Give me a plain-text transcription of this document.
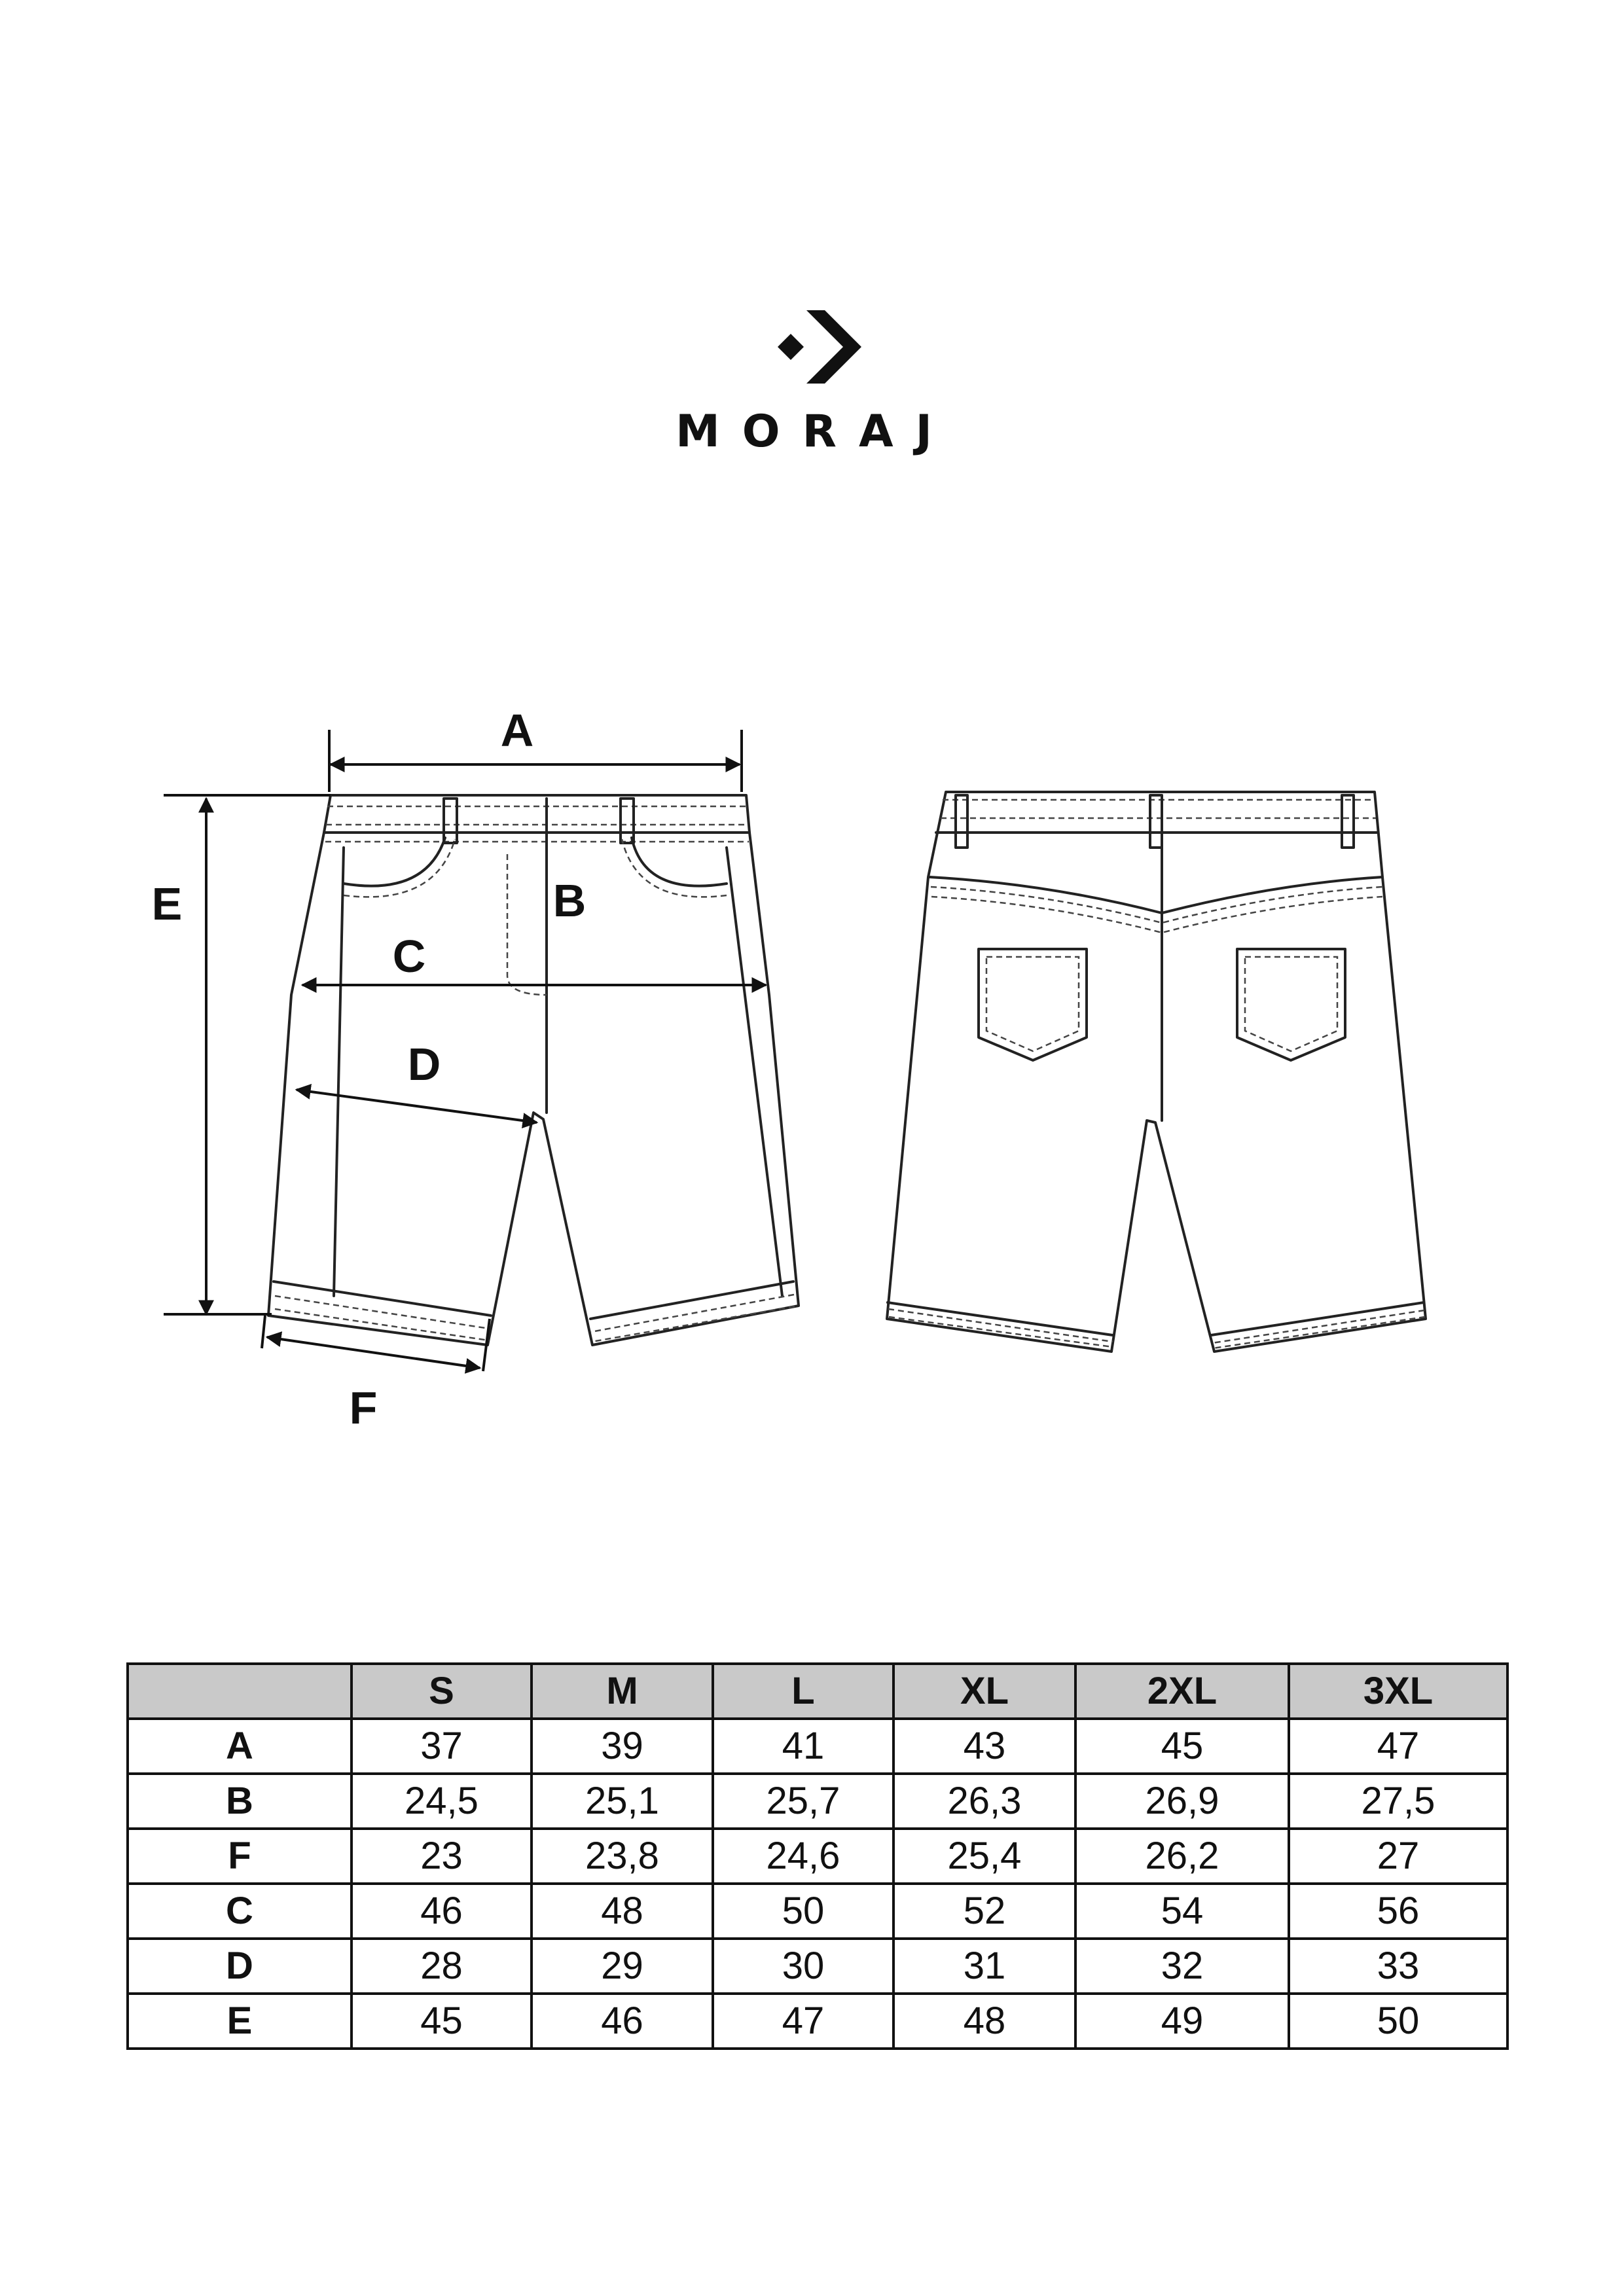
MORAJ
A
B
C
D
E
F
	S	M	L	XL	2XL	3XL
A	37	39	41	43	45	47
B	24,5	25,1	25,7	26,3	26,9	27,5
F	23	23,8	24,6	25,4	26,2	27
C	46	48	50	52	54	56
D	28	29	30	31	32	33
E	45	46	47	48	49	50
